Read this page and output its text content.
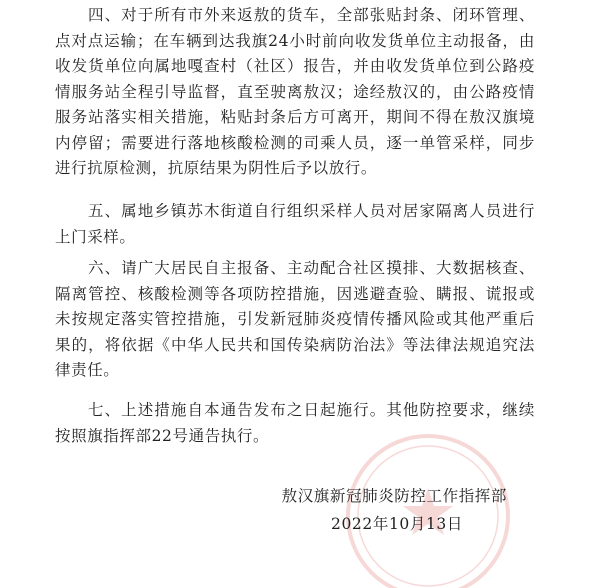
四、对于所有市外来返敖的货车，全部张贴封条、闭环管理、点对点运输；在车辆到达我旗24小时前向收发货单位主动报备，由收发货单位向属地嘎查村（社区）报告，并由收发货单位到公路疫情服务站全程引导监督，直至驶离敖汉；途经敖汉的，由公路疫情服务站落实相关措施，粘贴封条后方可离开，期间不得在敖汉旗境内停留；需要进行落地核酸检测的司乘人员，逐一单管采样，同步进行抗原检测，抗原结果为阴性后予以放行。

五、属地乡镇苏木街道自行组织采样人员对居家隔离人员进行上门采样。

六、请广大居民自主报备、主动配合社区摸排、大数据核查、隔离管控、核酸检测等各项防控措施，因逃避查验、瞒报、谎报或未按规定落实管控措施，引发新冠肺炎疫情传播风险或其他严重后果的，将依据《中华人民共和国传染病防治法》等法律法规追究法律责任。

七、上述措施自本通告发布之日起施行。其他防控要求，继续按照旗指挥部22号通告执行。

敖汉旗新冠肺炎防控工作指挥部

2022年10月13日
